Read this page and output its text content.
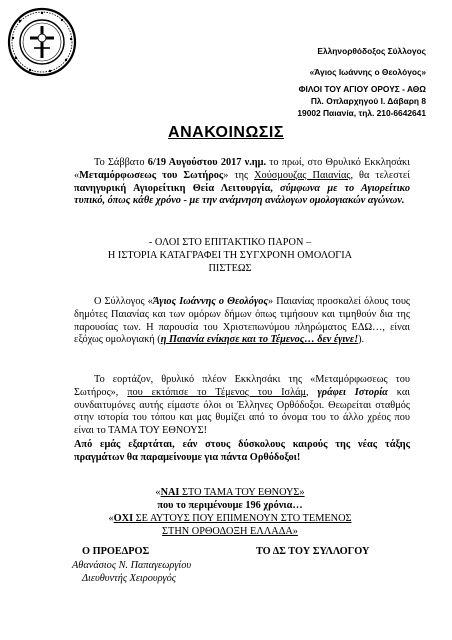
Ελληνορθόδοξος Σύλλογος
«Άγιος Ιωάννης ο Θεολόγος»
ΦΙΛΟΙ ΤΟΥ ΑΓΙΟΥ ΟΡΟΥΣ - ΑΘΩ
Πλ. Οπλαρχηγού Ι. Δάβαρη 8
19002 Παιανία, τηλ. 210-6642641
ΑΝΑΚΟΙΝΩΣΙΣ
Το Σάββατο 6/19 Αυγούστου 2017 ν.ημ. το πρωί, στο Θρυλικό Εκκλησάκι «Μεταμόρφωσεως του Σωτήρος» της Χούσμουζας Παιανίας, θα τελεστεί πανηγυρική Αγιορείτικη Θεία Λειτουργία, σύμφωνα με το Αγιορείτικο τυπικό, όπως κάθε χρόνο - με την ανάμνηση ανάλογων ομολογιακών αγώνων.
- ΟΛΟΙ ΣΤΟ ΕΠΙΤΑΚΤΙΚΟ ΠΑΡΟΝ –
Η ΙΣΤΟΡΙΑ ΚΑΤΑΓΡΑΦΕΙ ΤΗ ΣΥΓΧΡΟΝΗ ΟΜΟΛΟΓΙΑ
ΠΙΣΤΕΩΣ
Ο Σύλλογος «Άγιος Ιωάννης ο Θεολόγος» Παιανίας προσκαλεί όλους τους δημότες Παιανίας και των ομόρων δήμων όπως τιμήσουν και τιμηθούν δια της παρουσίας των. Η παρουσία του Χριστεπωνύμου πληρώματος ΕΔΩ…, είναι εξόχως ομολογιακή (η Παιανία ενίκησε και το Τέμενος… δεν έγινε!).
Το εορτάζον, θρυλικό πλέον Εκκλησάκι της «Μεταμόρφωσεως του Σωτήρος», που εκτόπισε το Τέμενος του Ισλάμ, γράφει Ιστορία και συνδαιτυμόνες αυτής είμαστε όλοι οι Έλληνες Ορθόδοξοι. Θεωρείται σταθμός στην ιστορία του τόπου και μας θυμίζει από το όνομα του το άλλο χρέος που είναι το ΤΑΜΑ ΤΟΥ ΕΘΝΟΥΣ!
Από εμάς εξαρτάται, εάν στους δύσκολους καιρούς της νέας τάξης πραγμάτων θα παραμείνουμε για πάντα Ορθόδοξοι!
«ΝΑΙ ΣΤΟ ΤΑΜΑ ΤΟΥ ΕΘΝΟΥΣ»
που το περιμένουμε 196 χρόνια…
«ΟΧΙ ΣΕ ΑΥΤΟΥΣ ΠΟΥ ΕΠΙΜΕΝΟΥΝ ΣΤΟ ΤΕΜΕΝΟΣ
ΣΤΗΝ ΟΡΘΟΔΟΞΗ ΕΛΛΑΔΑ»
Ο ΠΡΟΕΔΡΟΣ
Αθανάσιος Ν. Παπαγεωργίου
Διευθυντής Χειρουργός
ΤΟ ΔΣ ΤΟΥ ΣΥΛΛΟΓΟΥ
